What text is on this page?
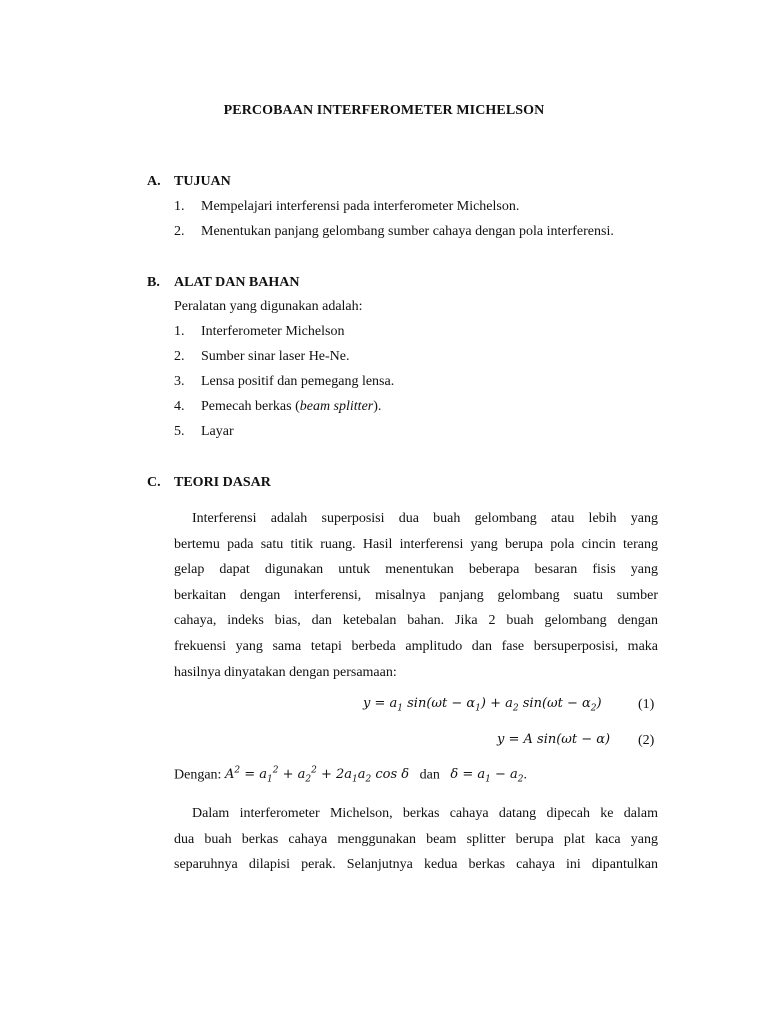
PERCOBAAN INTERFEROMETER MICHELSON
A. TUJUAN
1. Mempelajari interferensi pada interferometer Michelson.
2. Menentukan panjang gelombang sumber cahaya dengan pola interferensi.
B. ALAT DAN BAHAN
Peralatan yang digunakan adalah:
1. Interferometer Michelson
2. Sumber sinar laser He-Ne.
3. Lensa positif dan pemegang lensa.
4. Pemecah berkas (beam splitter).
5. Layar
C. TEORI DASAR
Interferensi adalah superposisi dua buah gelombang atau lebih yang
bertemu pada satu titik ruang. Hasil interferensi yang berupa pola cincin terang
gelap dapat digunakan untuk menentukan beberapa besaran fisis yang
berkaitan dengan interferensi, misalnya panjang gelombang suatu sumber
cahaya, indeks bias, dan ketebalan bahan. Jika 2 buah gelombang dengan
frekuensi yang sama tetapi berbeda amplitudo dan fase bersuperposisi, maka
hasilnya dinyatakan dengan persamaan:
$y = a_1$ $\sin(\omega t - \alpha_1) + a_2$ $\sin(\omega t - \alpha_2)$	(1)
y = A sin(ωt − α) (2)
Dengan: $A^2 = a_1^2 + a_2^2 + 2a_1a_2$ cos δ dan $\delta = a_1 - a_2$.
Dalam interferometer Michelson, berkas cahaya datang dipecah ke dalam
dua buah berkas cahaya menggunakan beam splitter berupa plat kaca yang
separuhnya dilapisi perak. Selanjutnya kedua berkas cahaya ini dipantulkan
